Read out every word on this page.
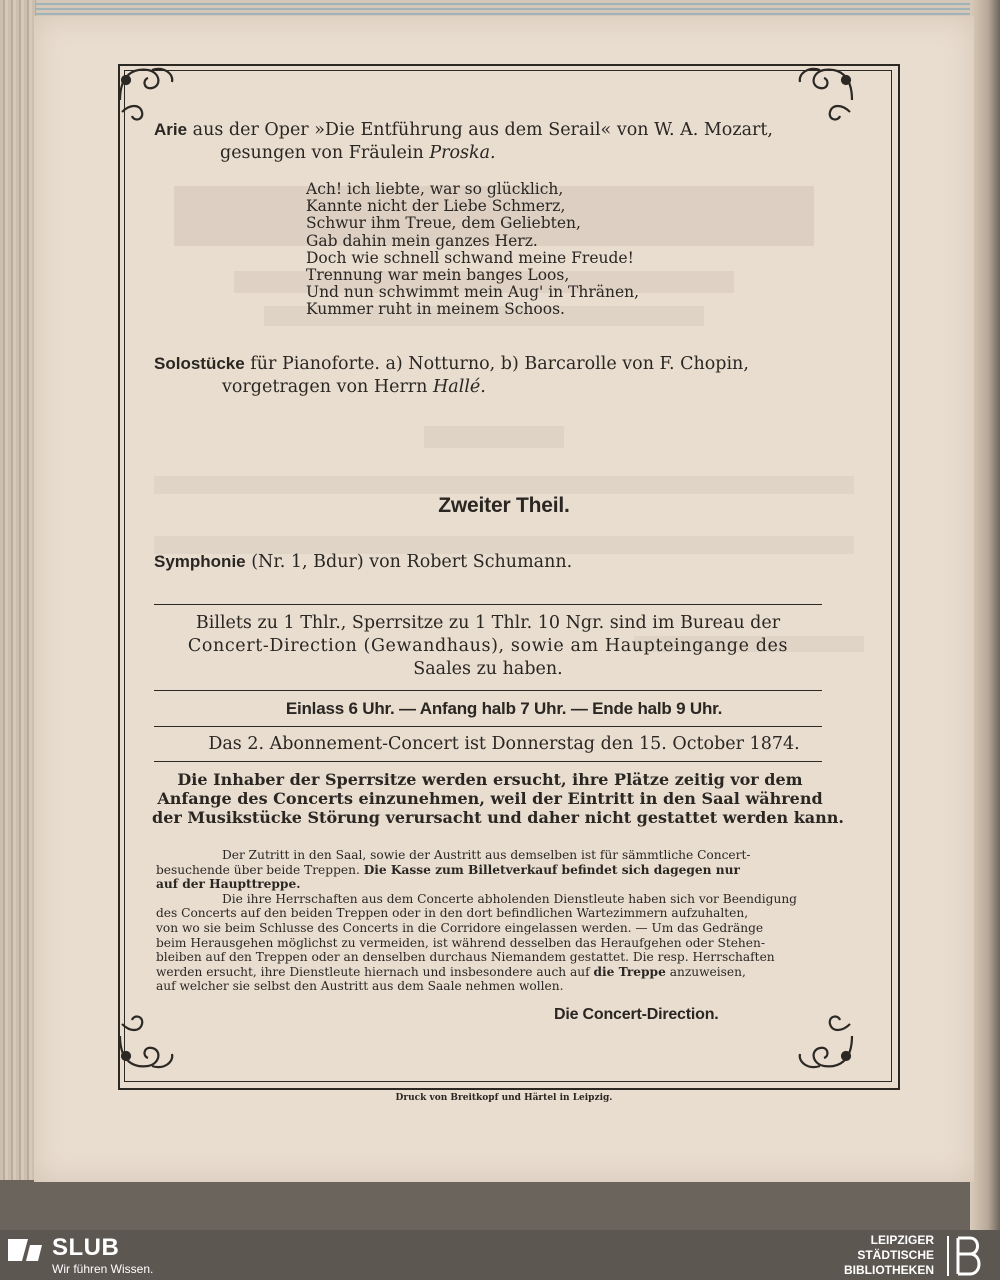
Arie aus der Oper »Die Entführung aus dem Serail« von W. A. Mozart,
gesungen von Fräulein Proska.
Ach! ich liebte, war so glücklich,
Kannte nicht der Liebe Schmerz,
Schwur ihm Treue, dem Geliebten,
Gab dahin mein ganzes Herz.
Doch wie schnell schwand meine Freude!
Trennung war mein banges Loos,
Und nun schwimmt mein Aug' in Thränen,
Kummer ruht in meinem Schoos.
Solostücke für Pianoforte. a) Notturno, b) Barcarolle von F. Chopin,
vorgetragen von Herrn Hallé.
Zweiter Theil.
Symphonie (Nr. 1, Bdur) von Robert Schumann.
Billets zu 1 Thlr., Sperrsitze zu 1 Thlr. 10 Ngr. sind im Bureau der
Concert-Direction (Gewandhaus), sowie am Haupteingange des
Saales zu haben.
Einlass 6 Uhr. — Anfang halb 7 Uhr. — Ende halb 9 Uhr.
Das 2. Abonnement-Concert ist Donnerstag den 15. October 1874.
Die Inhaber der Sperrsitze werden ersucht, ihre Plätze zeitig vor dem
Anfange des Concerts einzunehmen, weil der Eintritt in den Saal während
der Musikstücke Störung verursacht und daher nicht gestattet werden kann.
Der Zutritt in den Saal, sowie der Austritt aus demselben ist für sämmtliche Concert-
besuchende über beide Treppen. Die Kasse zum Billetverkauf befindet sich dagegen nur
auf der Haupttreppe.
Die ihre Herrschaften aus dem Concerte abholenden Dienstleute haben sich vor Beendigung
des Concerts auf den beiden Treppen oder in den dort befindlichen Wartezimmern aufzuhalten,
von wo sie beim Schlusse des Concerts in die Corridore eingelassen werden. — Um das Gedränge
beim Herausgehen möglichst zu vermeiden, ist während desselben das Heraufgehen oder Stehen-
bleiben auf den Treppen oder an denselben durchaus Niemandem gestattet. Die resp. Herrschaften
werden ersucht, ihre Dienstleute hiernach und insbesondere auch auf die Treppe anzuweisen,
auf welcher sie selbst den Austritt aus dem Saale nehmen wollen.
Die Concert-Direction.
Druck von Breitkopf und Härtel in Leipzig.
SLUB
Wir führen Wissen.
LEIPZIGER
STÄDTISCHE
BIBLIOTHEKEN
